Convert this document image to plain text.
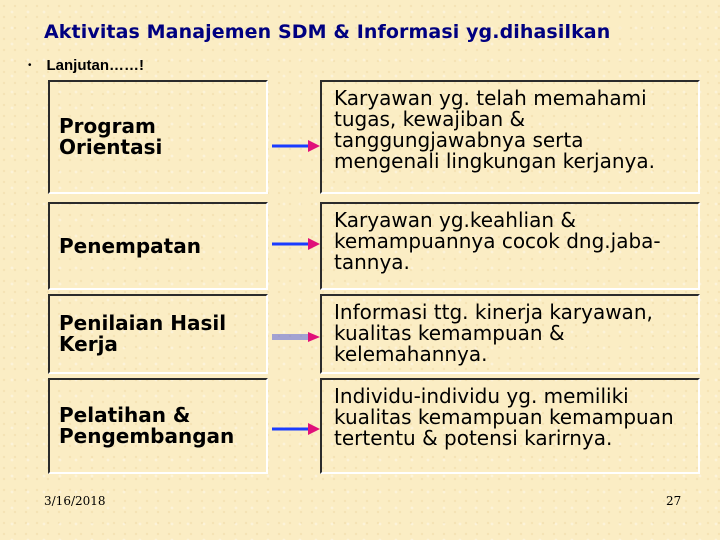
Aktivitas Manajemen SDM & Informasi yg.dihasilkan
• Lanjutan……!
Program
Orientasi
Karyawan yg. telah memahami
tugas, kewajiban &
tanggungjawabnya serta
mengenali lingkungan kerjanya.
Penempatan
Karyawan yg.keahlian &
kemampuannya cocok dng.jaba-
tannya.
Penilaian Hasil
Kerja
Informasi ttg. kinerja karyawan,
kualitas kemampuan &
kelemahannya.
Pelatihan &
Pengembangan
Individu-individu yg. memiliki
kualitas kemampuan kemampuan
tertentu & potensi karirnya.
3/16/2018	27
